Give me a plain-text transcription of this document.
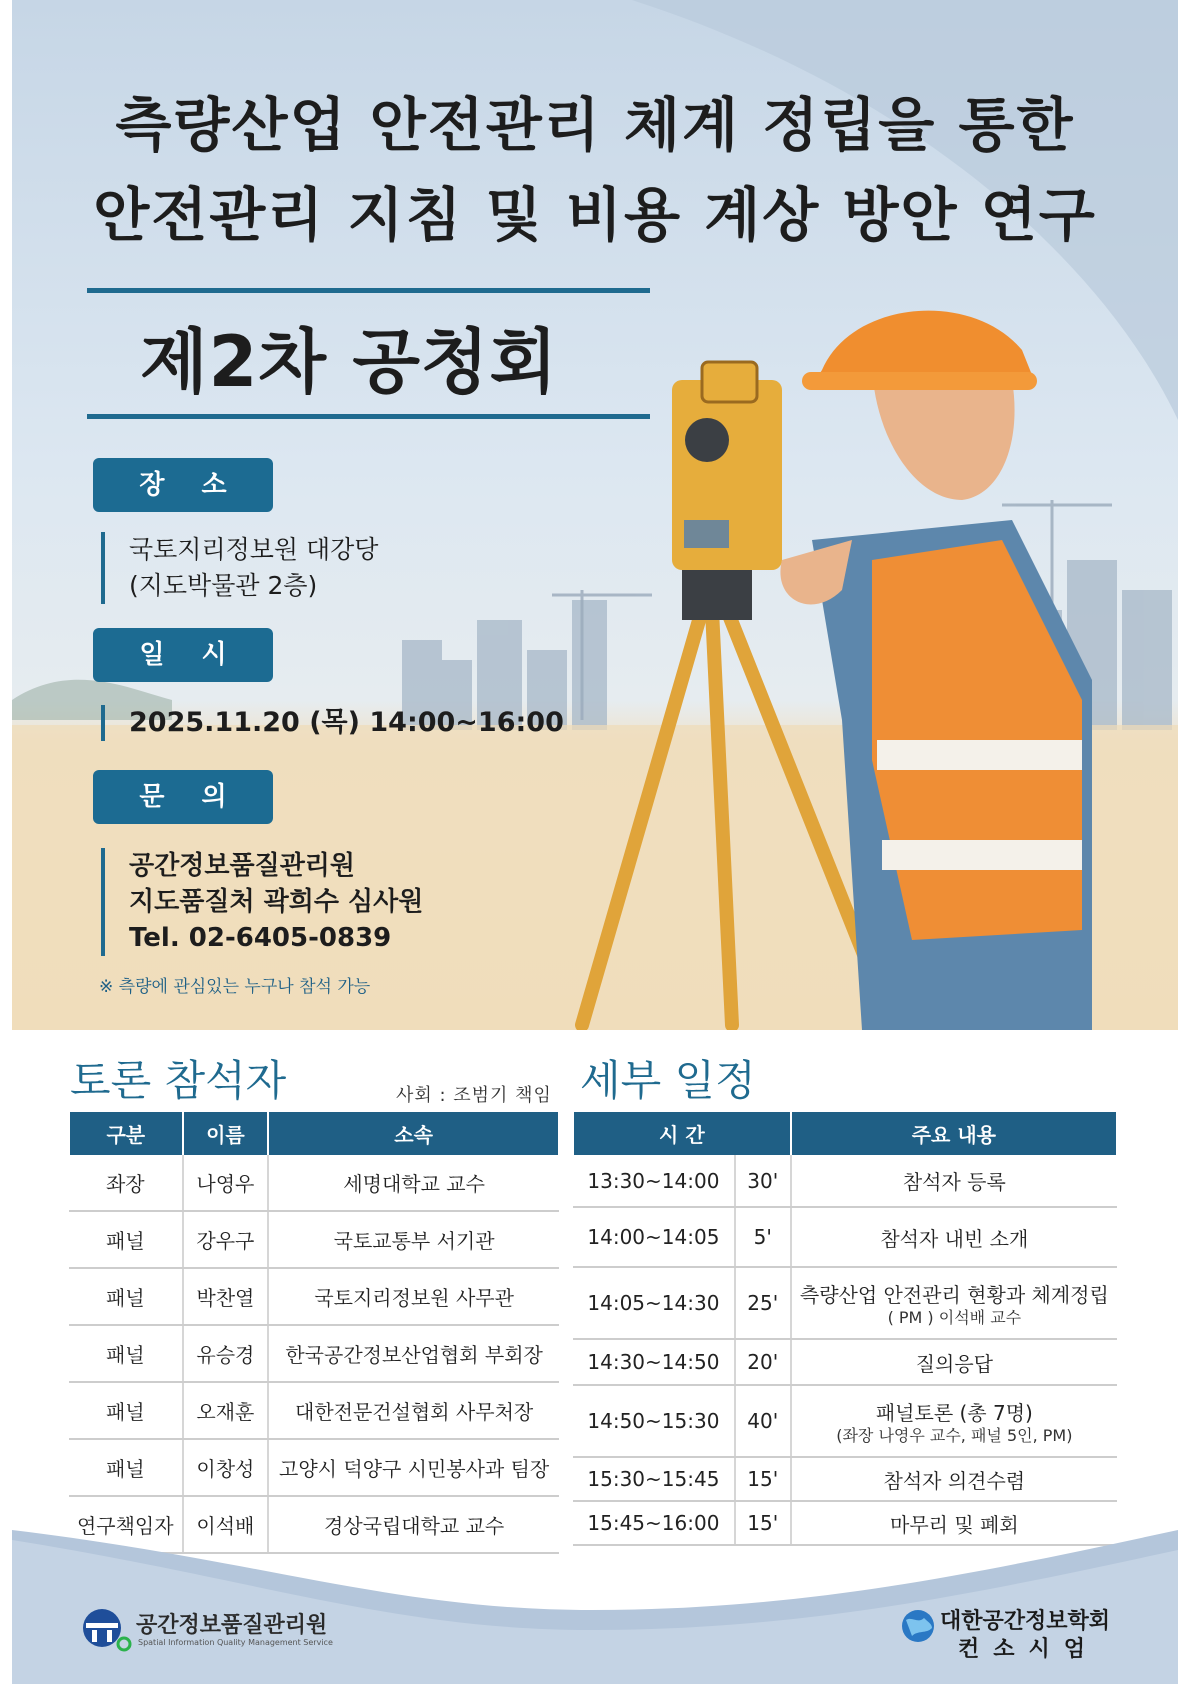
측량산업 안전관리 체계 정립을 통한
안전관리 지침 및 비용 계상 방안 연구
제2차 공청회
장 소
국토지리정보원 대강당
(지도박물관 2층)
일 시
2025.11.20 (목) 14:00~16:00
문 의
공간정보품질관리원
지도품질처 곽희수 심사원
Tel. 02-6405-0839
※ 측량에 관심있는 누구나 참석 가능
토론 참석자	사회 : 조범기 책임
구분	이름	소속
좌장	나영우	세명대학교 교수
패널	강우구	국토교통부 서기관
패널	박찬열	국토지리정보원 사무관
패널	유승경	한국공간정보산업협회 부회장
패널	오재훈	대한전문건설협회 사무처장
패널	이창성	고양시 덕양구 시민봉사과 팀장
연구책임자	이석배	경상국립대학교 교수
세부 일정
시 간		주요 내용
13:30~14:00	30'	참석자 등록
14:00~14:05	5'	참석자 내빈 소개
14:05~14:30	25'	측량산업 안전관리 현황과 체계정립
( PM ) 이석배 교수

14:30~14:50	20'	질의응답
14:50~15:30	40'	패널토론 (총 7명)
(좌장 나영우 교수, 패널 5인, PM)

15:30~15:45	15'	참석자 의견수렴
15:45~16:00	15'	마무리 및 폐회
공간정보품질관리원
Spatial Information Quality Management Service
대한공간정보학회
컨소시엄
